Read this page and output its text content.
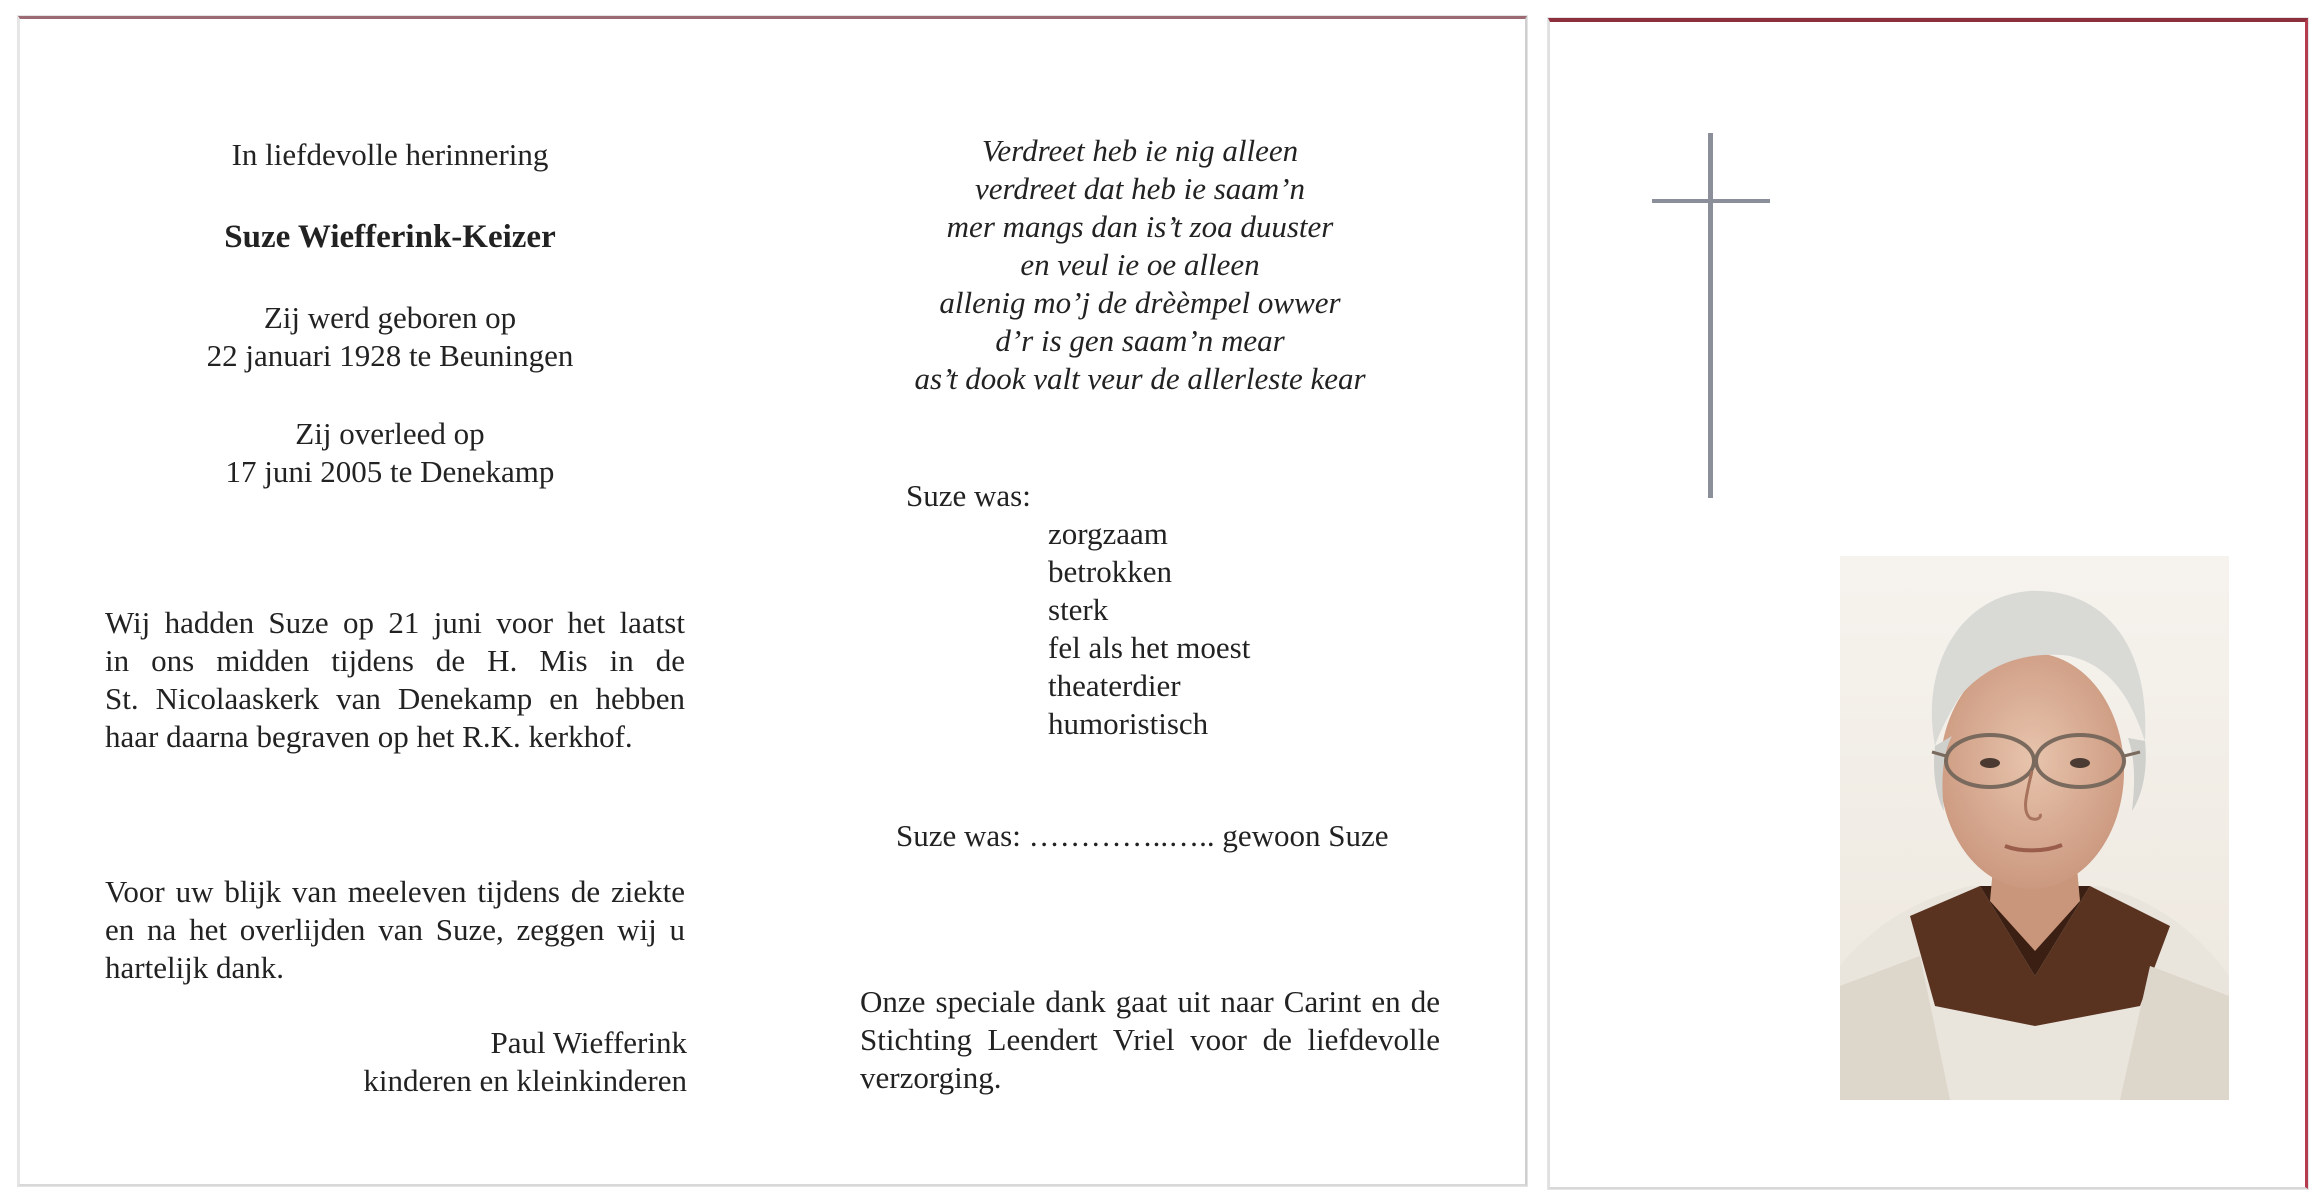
In liefdevolle herinnering
Suze Wiefferink-Keizer
Zij werd geboren op
22 januari 1928 te Beuningen
Zij overleed op
17 juni 2005 te Denekamp
Wij hadden Suze op 21 juni voor het laatst
in ons midden tijdens de H. Mis in de
St. Nicolaaskerk van Denekamp en hebben
haar daarna begraven op het R.K. kerkhof.
Voor uw blijk van meeleven tijdens de ziekte
en na het overlijden van Suze, zeggen wij u
hartelijk dank.
Paul Wiefferink
kinderen en kleinkinderen
Verdreet heb ie nig alleen
verdreet dat heb ie saam’n
mer mangs dan is’t zoa duuster
en veul ie oe alleen
allenig mo’j de drèèmpel owwer
d’r is gen saam’n mear
as’t dook valt veur de allerleste kear
Suze was:
zorgzaam
betrokken
sterk
fel als het moest
theaterdier
humoristisch
Suze was: …………..….. gewoon Suze
Onze speciale dank gaat uit naar Carint en de
Stichting Leendert Vriel voor de liefdevolle
verzorging.
